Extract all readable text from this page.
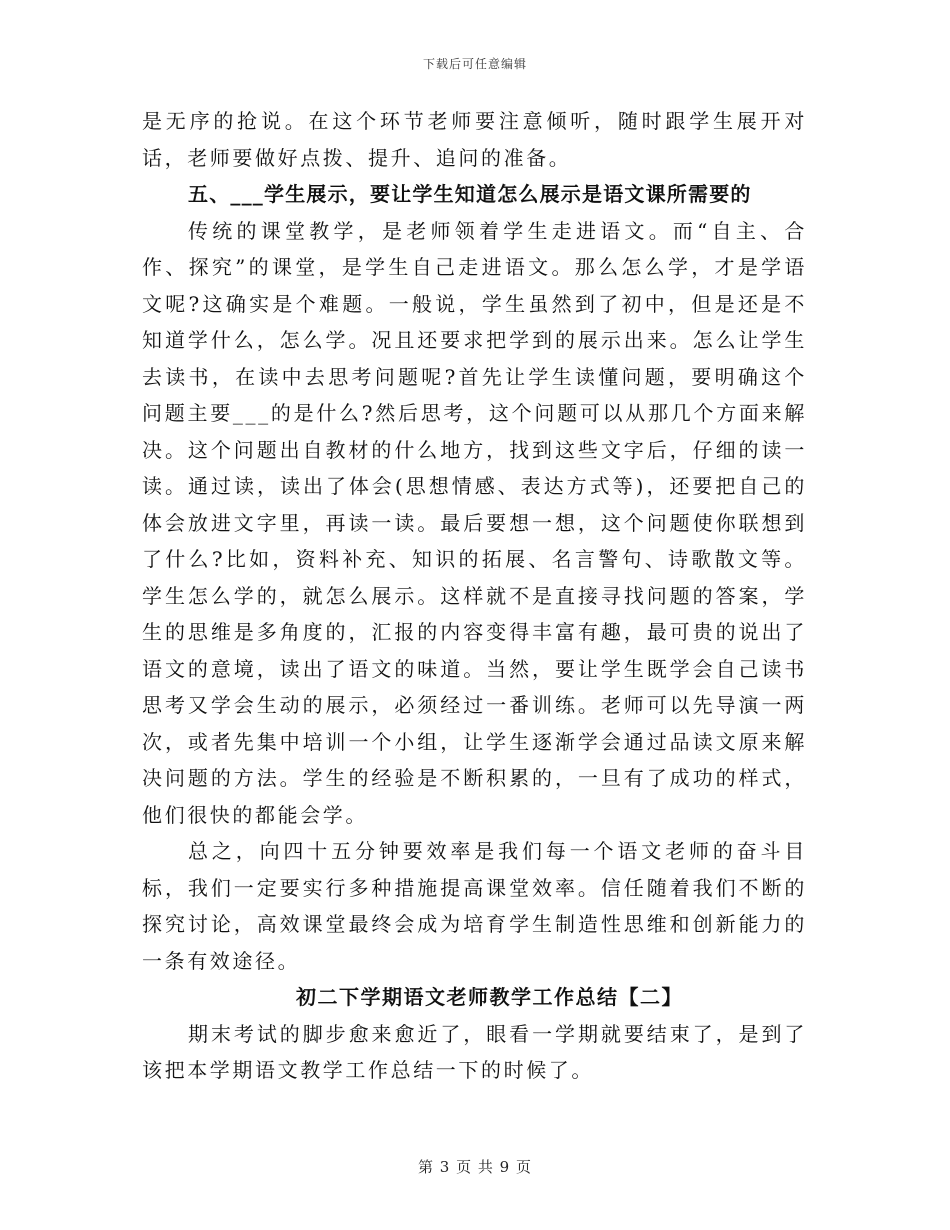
下载后可任意编辑

是无序的抢说。在这个环节老师要注意倾听，随时跟学生展开对话，老师要做好点拨、提升、追问的准备。

五、___学生展示，要让学生知道怎么展示是语文课所需要的

传统的课堂教学，是老师领着学生走进语文。而“自主、合作、探究”的课堂，是学生自己走进语文。那么怎么学，才是学语文呢?这确实是个难题。一般说，学生虽然到了初中，但是还是不知道学什么，怎么学。况且还要求把学到的展示出来。怎么让学生去读书，在读中去思考问题呢?首先让学生读懂问题，要明确这个问题主要___的是什么?然后思考，这个问题可以从那几个方面来解决。这个问题出自教材的什么地方，找到这些文字后，仔细的读一读。通过读，读出了体会(思想情感、表达方式等)，还要把自己的体会放进文字里，再读一读。最后要想一想，这个问题使你联想到了什么?比如，资料补充、知识的拓展、名言警句、诗歌散文等。学生怎么学的，就怎么展示。这样就不是直接寻找问题的答案，学生的思维是多角度的，汇报的内容变得丰富有趣，最可贵的说出了语文的意境，读出了语文的味道。当然，要让学生既学会自己读书思考又学会生动的展示，必须经过一番训练。老师可以先导演一两次，或者先集中培训一个小组，让学生逐渐学会通过品读文原来解决问题的方法。学生的经验是不断积累的，一旦有了成功的样式，他们很快的都能会学。

总之，向四十五分钟要效率是我们每一个语文老师的奋斗目标，我们一定要实行多种措施提高课堂效率。信任随着我们不断的探究讨论，高效课堂最终会成为培育学生制造性思维和创新能力的一条有效途径。

初二下学期语文老师教学工作总结【二】

期末考试的脚步愈来愈近了，眼看一学期就要结束了，是到了该把本学期语文教学工作总结一下的时候了。

第 3 页 共 9 页
